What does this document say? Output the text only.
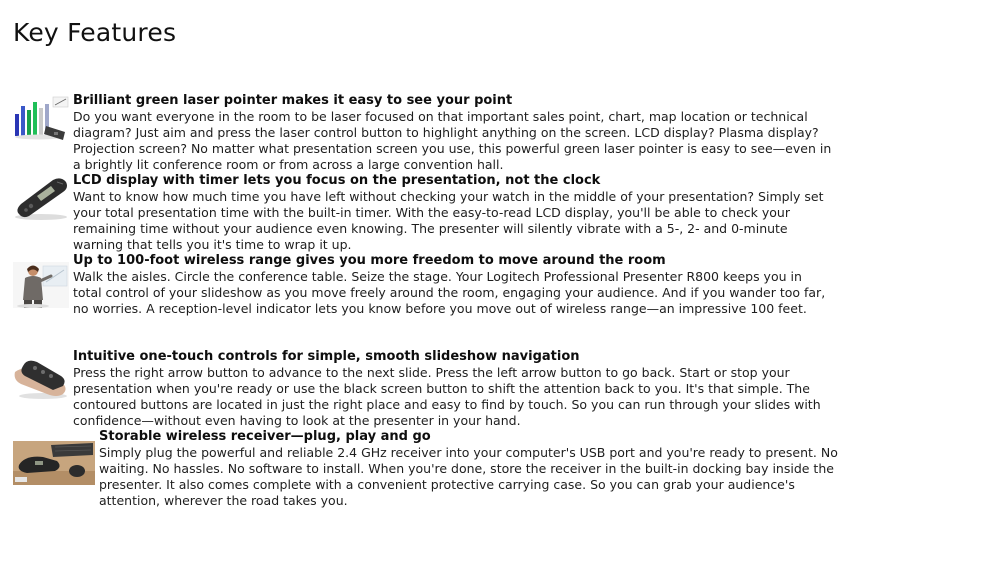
Key Features
Brilliant green laser pointer makes it easy to see your point
Do you want everyone in the room to be laser focused on that important sales point, chart, map location or technical diagram? Just aim and press the laser control button to highlight anything on the screen. LCD display? Plasma display? Projection screen? No matter what presentation screen you use, this powerful green laser pointer is easy to see—even in a brightly lit conference room or from across a large convention hall.
LCD display with timer lets you focus on the presentation, not the clock
Want to know how much time you have left without checking your watch in the middle of your presentation? Simply set your total presentation time with the built-in timer. With the easy-to-read LCD display, you'll be able to check your remaining time without your audience even knowing. The presenter will silently vibrate with a 5-, 2- and 0-minute warning that tells you it's time to wrap it up.
Up to 100-foot wireless range gives you more freedom to move around the room
Walk the aisles. Circle the conference table. Seize the stage. Your Logitech Professional Presenter R800 keeps you in total control of your slideshow as you move freely around the room, engaging your audience. And if you wander too far, no worries. A reception-level indicator lets you know before you move out of wireless range—an impressive 100 feet.
Intuitive one-touch controls for simple, smooth slideshow navigation
Press the right arrow button to advance to the next slide. Press the left arrow button to go back. Start or stop your presentation when you're ready or use the black screen button to shift the attention back to you. It's that simple. The contoured buttons are located in just the right place and easy to find by touch. So you can run through your slides with confidence—without even having to look at the presenter in your hand.
Storable wireless receiver—plug, play and go
Simply plug the powerful and reliable 2.4 GHz receiver into your computer's USB port and you're ready to present. No waiting. No hassles. No software to install. When you're done, store the receiver in the built-in docking bay inside the presenter. It also comes complete with a convenient protective carrying case. So you can grab your audience's attention, wherever the road takes you.
